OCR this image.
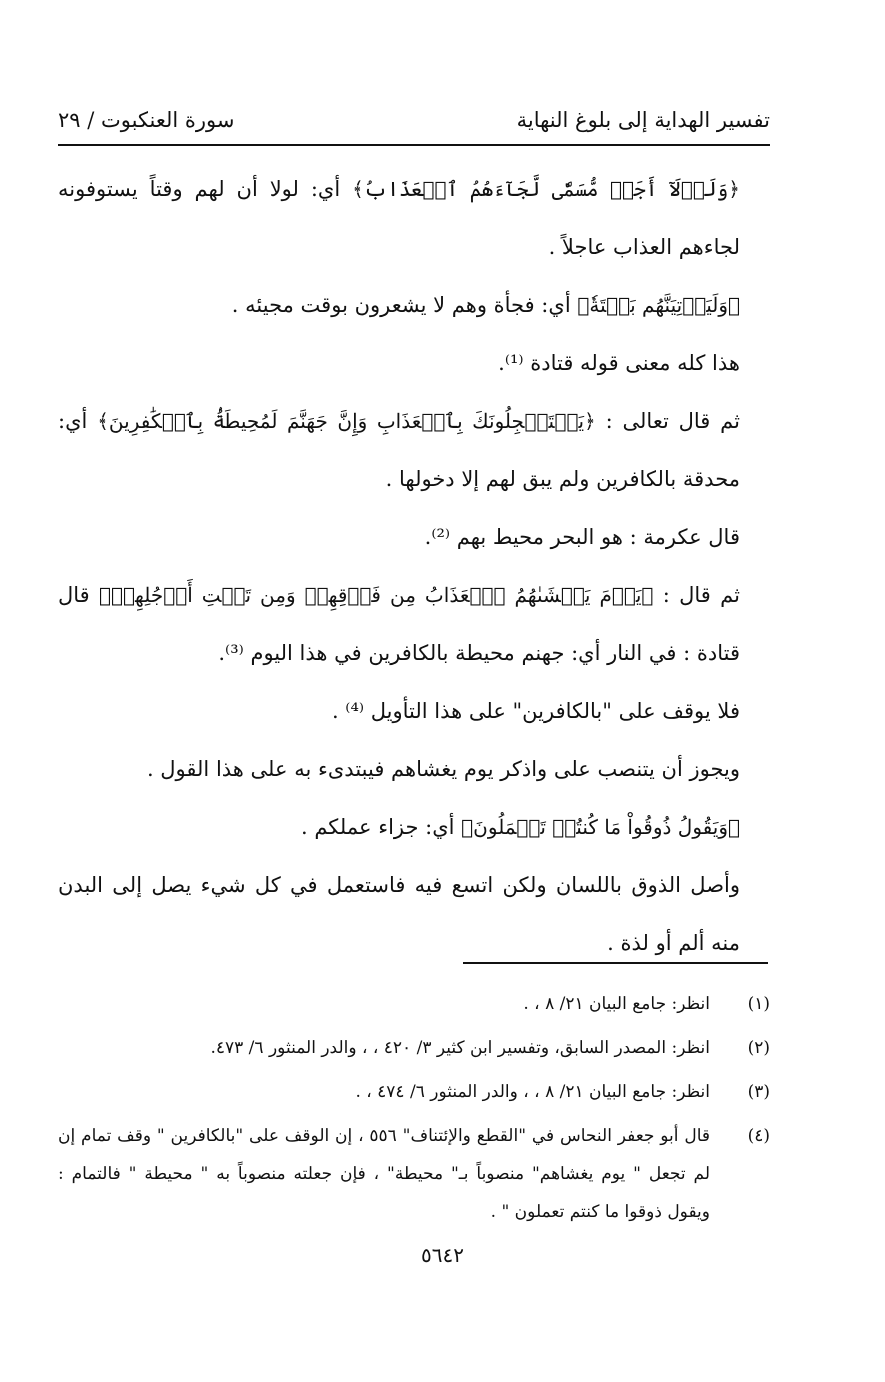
تفسير الهداية إلى بلوغ النهاية
سورة العنكبوت / ٢٩

﴿وَلَوۡلَآ أَجَلٞ مُّسَمّٗى لَّجَآءَهُمُ ٱلۡعَذَابُ﴾ أي: لولا أن لهم وقتاً يستوفونه لجاءهم العذاب عاجلاً .

﴿وَلَيَأۡتِيَنَّهُم بَغۡتَةٗ﴾ أي: فجأة وهم لا يشعرون بوقت مجيئه .

هذا كله معنى قوله قتادة ⁽¹⁾.

ثم قال تعالى : ﴿يَسۡتَعۡجِلُونَكَ بِٱلۡعَذَابِ وَإِنَّ جَهَنَّمَ لَمُحِيطَةُۢ بِٱلۡكَٰفِرِينَ﴾ أي: محدقة بالكافرين ولم يبق لهم إلا دخولها .

قال عكرمة : هو البحر محيط بهم ⁽²⁾.

ثم قال : ﴿يَوۡمَ يَغۡشَىٰهُمُ ٱلۡعَذَابُ مِن فَوۡقِهِمۡ وَمِن تَحۡتِ أَرۡجُلِهِمۡ﴾ قال قتادة : في النار أي: جهنم محيطة بالكافرين في هذا اليوم ⁽³⁾.

فلا يوقف على "بالكافرين" على هذا التأويل ⁽⁴⁾ .

ويجوز أن يتنصب على واذكر يوم يغشاهم فيبتدىء به على هذا القول .

﴿وَيَقُولُ ذُوقُواْ مَا كُنتُمۡ تَعۡمَلُونَ﴾ أي: جزاء عملكم .

وأصل الذوق باللسان ولكن اتسع فيه فاستعمل في كل شيء يصل إلى البدن منه ألم أو لذة .

(١)
انظر: جامع البيان ٢١/ ٨ ، .
(٢)
انظر: المصدر السابق، وتفسير ابن كثير ٣/ ٤٢٠ ، ، والدر المنثور ٦/ ٤٧٣.
(٣)
انظر: جامع البيان ٢١/ ٨ ، ، والدر المنثور ٦/ ٤٧٤ ، .
(٤)
قال أبو جعفر النحاس في "القطع والإئتناف" ٥٥٦ ، إن الوقف على "بالكافرين " وقف تمام إن لم تجعل " يوم يغشاهم" منصوباً بـ" محيطة" ، فإن جعلته منصوباً به " محيطة " فالتمام : ويقول ذوقوا ما كنتم تعملون " .
٥٦٤٢
